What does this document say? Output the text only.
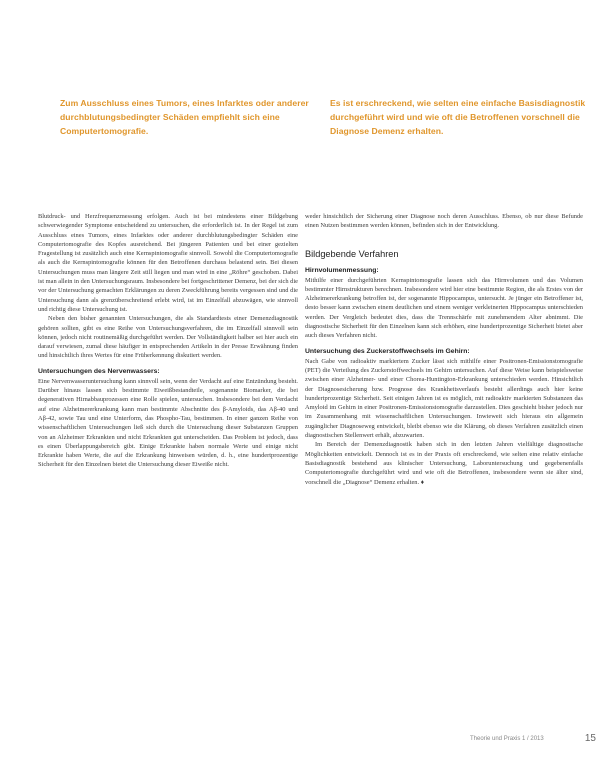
Zum Ausschluss eines Tumors, eines Infarktes oder anderer durchblutungsbedingter Schäden empfiehlt sich eine Computertomografie.
Es ist erschreckend, wie selten eine einfache Basisdiagnostik durchgeführt wird und wie oft die Betroffenen vorschnell die Diagnose Demenz erhalten.

Blutdruck- und Herzfrequenzmessung erfolgen. Auch ist bei mindestens einer Bildgebung schwerwiegender Symptome entscheidend zu untersuchen, die erforderlich ist. In der Regel ist zum Ausschluss eines Tumors, eines Infarktes oder anderer durchblutungsbedingter Schäden eine Computertomografie des Kopfes ausreichend. Bei jüngeren Patienten und bei einer gezielten Fragestellung ist zusätzlich auch eine Kernspintomografie sinnvoll. Sowohl die Computertomografie als auch die Kernspintomografie können für den Betroffenen durchaus belastend sein. Bei diesen Untersuchungen muss man längere Zeit still liegen und man wird in eine „Röhre“ geschoben. Dabei ist man allein in den Untersuchungsraum. Insbesondere bei fortgeschrittener Demenz, bei der sich die vor der Untersuchung gemachten Erklärungen zu deren Zweckführung bereits vergessen sind und die Untersuchung dann als grenzüberschreitend erlebt wird, ist im Einzelfall abzuwägen, wie sinnvoll und richtig diese Untersuchung ist.

Neben den bisher genannten Untersuchungen, die als Standardtests einer Demenzdiagnostik gehören sollten, gibt es eine Reihe von Untersuchungsverfahren, die im Einzelfall sinnvoll sein können, jedoch nicht routinemäßig durchgeführt werden. Der Vollständigkeit halber sei hier auch ein darauf verwiesen, zumal diese häufiger in entsprechenden Artikeln in der Presse Erwähnung finden und hinsichtlich ihres Wertes für eine Früherkennung diskutiert werden.

Untersuchungen des Nervenwassers:

Eine Nervenwasseruntersuchung kann sinnvoll sein, wenn der Verdacht auf eine Entzündung besteht. Darüber hinaus lassen sich bestimmte Eiweißbestandteile, sogenannte Biomarker, die bei degenerativen Hirnabbauprozessen eine Rolle spielen, untersuchen. Insbesondere bei dem Verdacht auf eine Alzheimererkrankung kann man bestimmte Abschnitte des β-Amyloids, das Aβ-40 und Aβ-42, sowie Tau und eine Unterform, das Phospho-Tau, bestimmen. In einer ganzen Reihe von wissenschaftlichen Untersuchungen ließ sich durch die Untersuchung dieser Substanzen Gruppen von an Alzheimer Erkrankten und nicht Erkrankten gut unterscheiden. Das Problem ist jedoch, dass es einen Überlappungsbereich gibt. Einige Erkrankte haben normale Werte und einige nicht Erkrankte haben Werte, die auf die Erkrankung hinweisen würden, d. h., eine hundertprozentige Sicherheit für den Einzelnen bietet die Untersuchung dieser Eiweiße nicht.

weder hinsichtlich der Sicherung einer Diagnose noch deren Ausschluss. Ebenso, ob nur diese Befunde einen Nutzen bestimmen werden können, befinden sich in der Entwicklung.

Bildgebende Verfahren
Hirnvolumenmessung:

Mithilfe einer durchgeführten Kernspintomografie lassen sich das Hirnvolumen und das Volumen bestimmter Hirnstrukturen berechnen. Insbesondere wird hier eine bestimmte Region, die als Erstes von der Alzheimererkrankung betroffen ist, der sogenannte Hippocampus, untersucht. Je jünger ein Betroffener ist, desto besser kann zwischen einem deutlichen und einem weniger verkleinerten Hippocampus unterschieden werden. Der Vergleich bedeutet dies, dass die Trennschärfe mit zunehmendem Alter abnimmt. Die diagnostische Sicherheit für den Einzelnen kann sich erhöhen, eine hundertprozentige Sicherheit bietet aber auch dieses Verfahren nicht.

Untersuchung des Zuckerstoffwechsels im Gehirn:

Nach Gabe von radioaktiv markiertem Zucker lässt sich mithilfe einer Positronen-Emissionstomografie (PET) die Verteilung des Zuckerstoffwechsels im Gehirn untersuchen. Auf diese Weise kann beispielsweise zwischen einer Alzheimer- und einer Chorea-Huntington-Erkrankung unterschieden werden. Hinsichtlich der Diagnosesicherung bzw. Prognose des Krankheitsverlaufs besteht allerdings auch hier keine hundertprozentige Sicherheit. Seit einigen Jahren ist es möglich, mit radioaktiv markierten Substanzen das Amyloid im Gehirn in einer Positronen-Emissionstomografie darzustellen. Dies geschieht bisher jedoch nur im Zusammenhang mit wissenschaftlichen Untersuchungen. Inwieweit sich hieraus ein allgemein zugänglicher Diagnoseweg entwickelt, bleibt ebenso wie die Klärung, ob dieses Verfahren zusätzlich einen diagnostischen Stellenwert erhält, abzuwarten.

Im Bereich der Demenzdiagnostik haben sich in den letzten Jahren vielfältige diagnostische Möglichkeiten entwickelt. Dennoch ist es in der Praxis oft erschreckend, wie selten eine relativ einfache Basisdiagnostik bestehend aus klinischer Untersuchung, Laboruntersuchung und gegebenenfalls Computertomografie durchgeführt wird und wie oft die Betroffenen, insbesondere wenn sie älter sind, vorschnell die „Diagnose“ Demenz erhalten. ♦

Theorie und Praxis 1 / 2013	15
